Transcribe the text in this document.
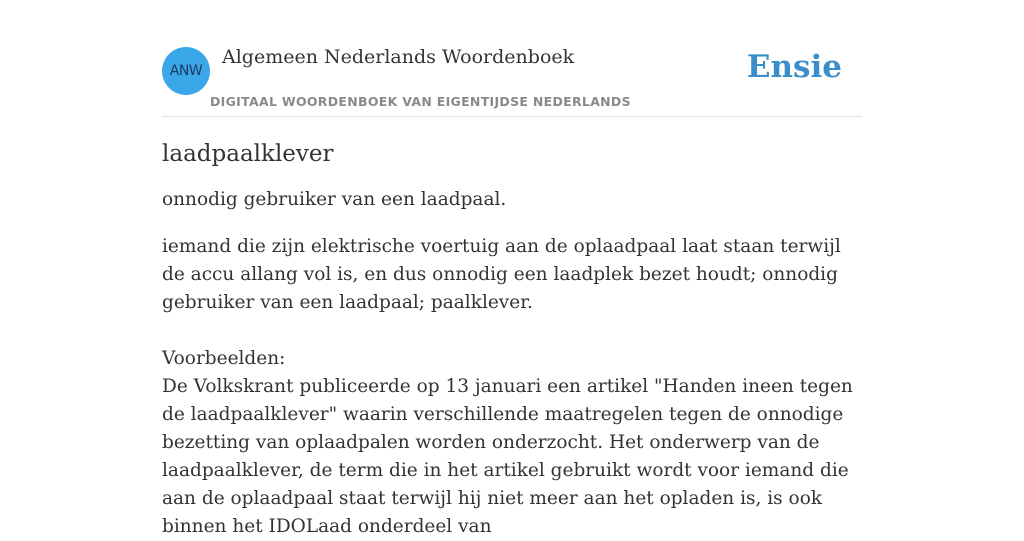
ANW
Algemeen Nederlands Woordenboek
DIGITAAL WOORDENBOEK VAN EIGENTIJDSE NEDERLANDS
Ensie
laadpaalklever

onnodig gebruiker van een laadpaal.

iemand die zijn elektrische voertuig aan de oplaadpaal laat staan terwijl de accu allang vol is, en dus onnodig een laadplek bezet houdt; onnodig gebruiker van een laadpaal; paalklever.

Voorbeelden:

De Volkskrant publiceerde op 13 januari een artikel "Handen ineen tegen de laadpaalklever" waarin verschillende maatregelen tegen de onnodige bezetting van oplaadpalen worden onderzocht. Het onderwerp van de laadpaalklever, de term die in het artikel gebruikt wordt voor iemand die aan de oplaadpaal staat terwijl hij niet meer aan het opladen is, is ook binnen het IDOLaad onderdeel van
